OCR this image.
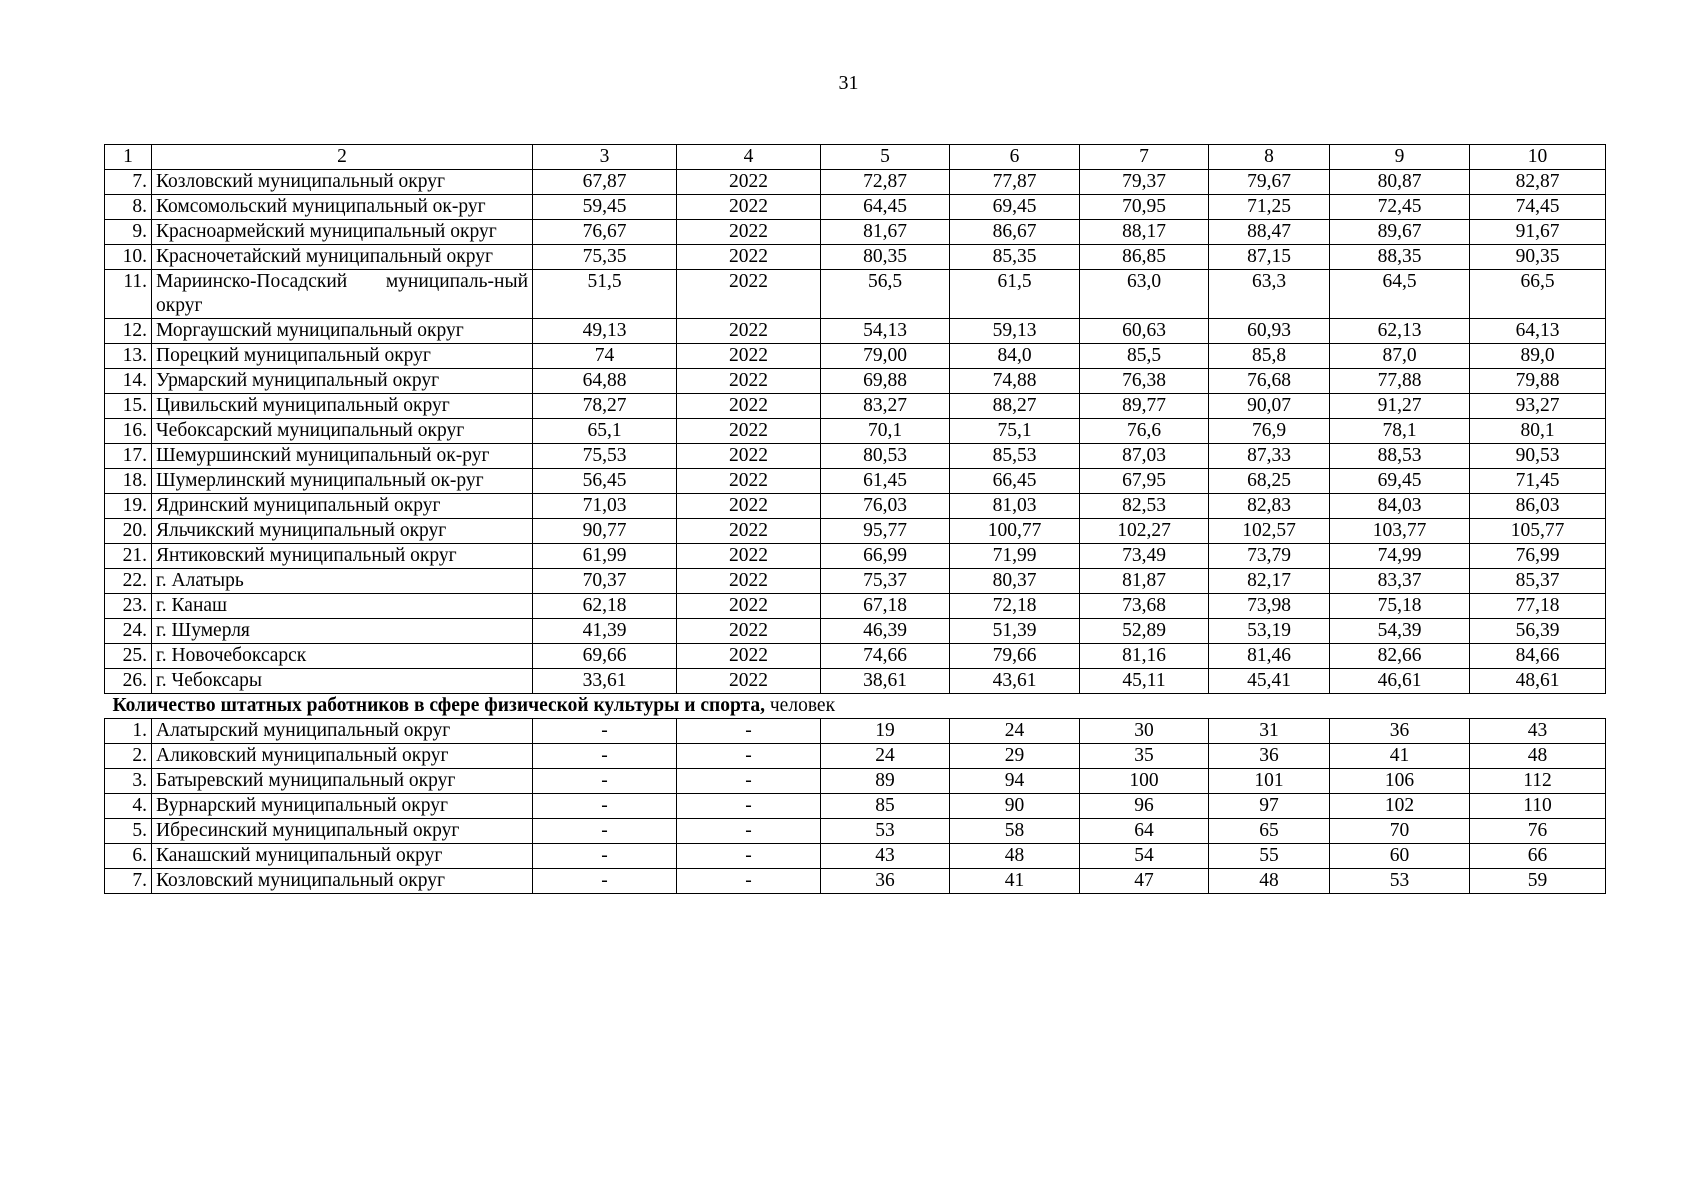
31
1	2	3	4	5	6	7	8	9	10
7.	Козловский муниципальный округ	67,87	2022	72,87	77,87	79,37	79,67	80,87	82,87
8.	Комсомольский муниципальный ок-руг	59,45	2022	64,45	69,45	70,95	71,25	72,45	74,45
9.	Красноармейский муниципальный округ	76,67	2022	81,67	86,67	88,17	88,47	89,67	91,67
10.	Красночетайский муниципальный округ	75,35	2022	80,35	85,35	86,85	87,15	88,35	90,35
11.	Мариинско-Посадский муниципаль-ный округ	51,5	2022	56,5	61,5	63,0	63,3	64,5	66,5
12.	Моргаушский муниципальный округ	49,13	2022	54,13	59,13	60,63	60,93	62,13	64,13
13.	Порецкий муниципальный округ	74	2022	79,00	84,0	85,5	85,8	87,0	89,0
14.	Урмарский муниципальный округ	64,88	2022	69,88	74,88	76,38	76,68	77,88	79,88
15.	Цивильский муниципальный округ	78,27	2022	83,27	88,27	89,77	90,07	91,27	93,27
16.	Чебоксарский муниципальный округ	65,1	2022	70,1	75,1	76,6	76,9	78,1	80,1
17.	Шемуршинский муниципальный ок-руг	75,53	2022	80,53	85,53	87,03	87,33	88,53	90,53
18.	Шумерлинский муниципальный ок-руг	56,45	2022	61,45	66,45	67,95	68,25	69,45	71,45
19.	Ядринский муниципальный округ	71,03	2022	76,03	81,03	82,53	82,83	84,03	86,03
20.	Яльчикский муниципальный округ	90,77	2022	95,77	100,77	102,27	102,57	103,77	105,77
21.	Янтиковский муниципальный округ	61,99	2022	66,99	71,99	73,49	73,79	74,99	76,99
22.	г. Алатырь	70,37	2022	75,37	80,37	81,87	82,17	83,37	85,37
23.	г. Канаш	62,18	2022	67,18	72,18	73,68	73,98	75,18	77,18
24.	г. Шумерля	41,39	2022	46,39	51,39	52,89	53,19	54,39	56,39
25.	г. Новочебоксарск	69,66	2022	74,66	79,66	81,16	81,46	82,66	84,66
26.	г. Чебоксары	33,61	2022	38,61	43,61	45,11	45,41	46,61	48,61
Количество штатных работников в сфере физической культуры и спорта, человек									
1.	Алатырский муниципальный округ	-	-	19	24	30	31	36	43
2.	Аликовский муниципальный округ	-	-	24	29	35	36	41	48
3.	Батыревский муниципальный округ	-	-	89	94	100	101	106	112
4.	Вурнарский муниципальный округ	-	-	85	90	96	97	102	110
5.	Ибресинский муниципальный округ	-	-	53	58	64	65	70	76
6.	Канашский муниципальный округ	-	-	43	48	54	55	60	66
7.	Козловский муниципальный округ	-	-	36	41	47	48	53	59
